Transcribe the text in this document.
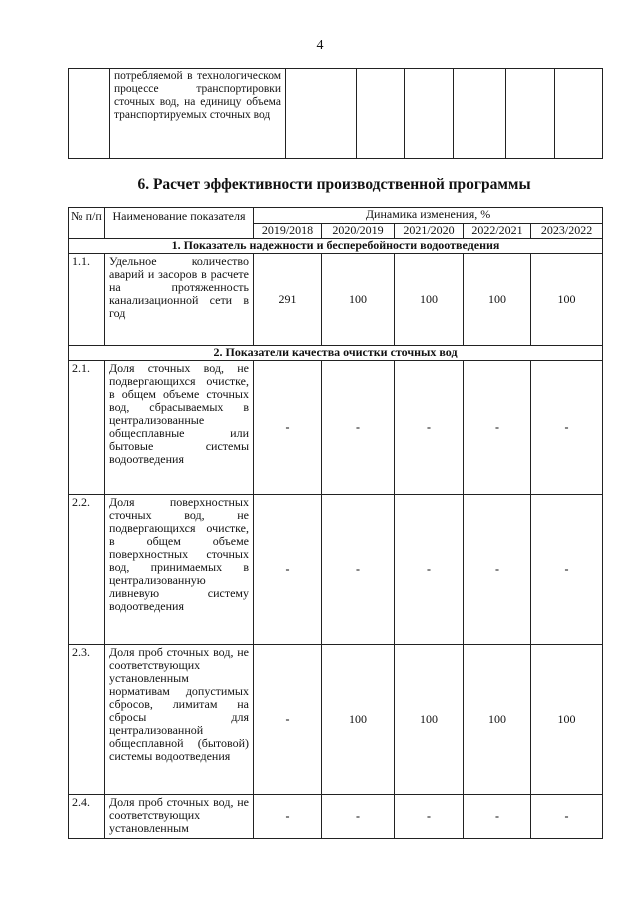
4
	потребляемой в технологическом процессе транспортировки сточных вод, на единицу объема транспортируемых сточных вод						
6. Расчет эффективности производственной программы
№ п/п	Наименование показателя	Динамика изменения, %				
		2019/2018	2020/2019	2021/2020	2022/2021	2023/2022
1. Показатель надежности и бесперебойности водоотведения						
1.1.	Удельное количество аварий и засоров в расчете на протяженность канализационной сети в год	291	100	100	100	100
2. Показатели качества очистки сточных вод						
2.1.	Доля сточных вод, не подвергающихся очистке, в общем объеме сточных вод, сбрасываемых в централизованные общесплавные или бытовые системы водоотведения	-	-	-	-	-
2.2.	Доля поверхностных сточных вод, не подвергающихся очистке, в общем объеме поверхностных сточных вод, принимаемых в централизованную ливневую систему водоотведения	-	-	-	-	-
2.3.	Доля проб сточных вод, не соответствующих установленным нормативам допустимых сбросов, лимитам на сбросы для централизованной общесплавной (бытовой) системы водоотведения	-	100	100	100	100
2.4.	Доля проб сточных вод, не соответствующих установленным	-	-	-	-	-
